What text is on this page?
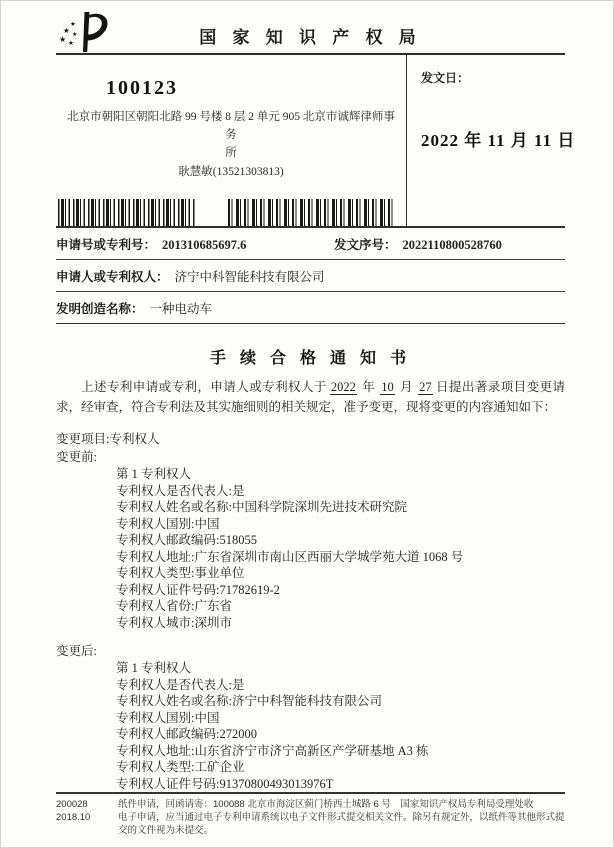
★
★ ★
★ ★	国 家 知 识 产 权 局
100123
北京市朝阳区朝阳北路 99 号楼 8 层 2 单元 905 北京市诚辉律师事务
所
耿慧敏(13521303813)
发文日：
2022 年 11 月 11 日
申请号或专利号： 201310685697.6	发文序号： 2022110800528760
申请人或专利权人： 济宁中科智能科技有限公司
发明创造名称： 一种电动车
手 续 合 格 通 知 书

上述专利申请或专利，申请人或专利权人于 2022 年 10 月 27 日提出著录项目变更请求，经审查，符合专利法及其实施细则的相关规定，准予变更，现将变更的内容通知如下：

变更项目:专利权人
变更前:
第 1 专利权人
专利权人是否代表人:是
专利权人姓名或名称:中国科学院深圳先进技术研究院
专利权人国别:中国
专利权人邮政编码:518055
专利权人地址:广东省深圳市南山区西丽大学城学苑大道 1068 号
专利权人类型:事业单位
专利权人证件号码:71782619-2
专利权人省份:广东省
专利权人城市:深圳市
变更后:
第 1 专利权人
专利权人是否代表人:是
专利权人姓名或名称:济宁中科智能科技有限公司
专利权人国别:中国
专利权人邮政编码:272000
专利权人地址:山东省济宁市济宁高新区产学研基地 A3 栋
专利权人类型:工矿企业
专利权人证件号码:91370800493013976T
200028
2018.10
纸件申请，回函请寄：100088 北京市海淀区蓟门桥西土城路 6 号　国家知识产权局专利局受理处收
电子申请，应当通过电子专利申请系统以电子文件形式提交相关文件。除另有规定外，以纸件等其他形式提交的文件视为未提交。
